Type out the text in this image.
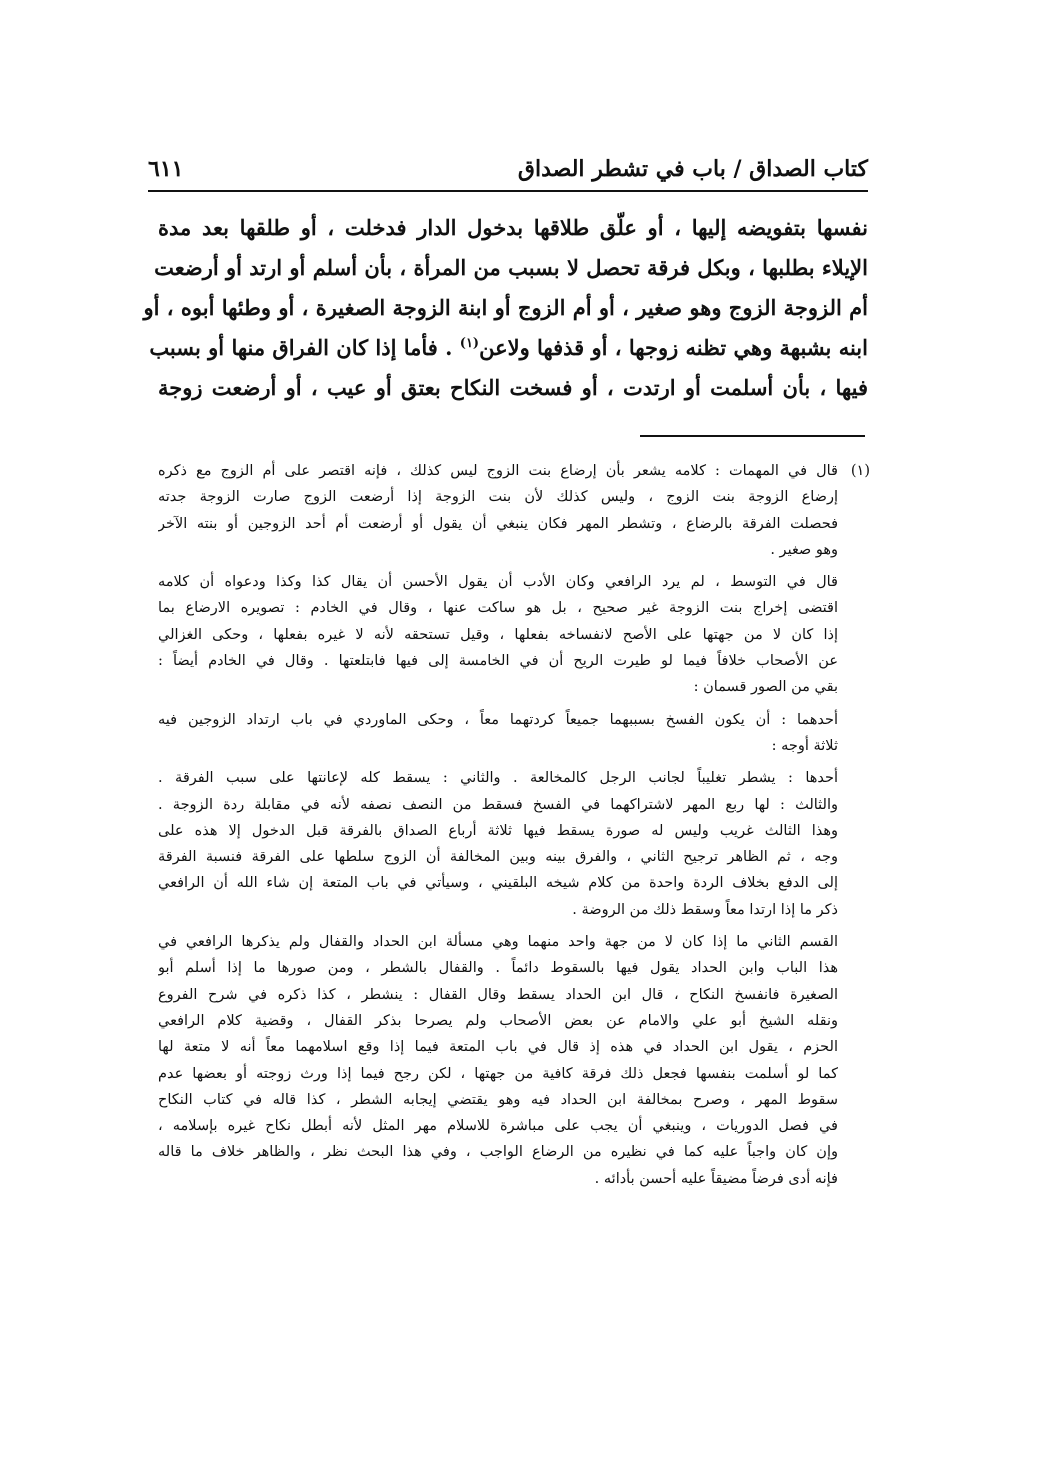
كتاب الصداق / باب في تشطر الصداق
٦١١
نفسها بتفويضه إليها ، أو علّق طلاقها بدخول الدار فدخلت ، أو طلقها بعد مدة
الإيلاء بطلبها ، وبكل فرقة تحصل لا بسبب من المرأة ، بأن أسلم أو ارتد أو أرضعت
أم الزوجة الزوج وهو صغير ، أو أم الزوج أو ابنة الزوجة الصغيرة ، أو وطئها أبوه ، أو
ابنه بشبهة وهي تظنه زوجها ، أو قذفها ولاعن$^{(١)}$ . فأما إذا كان الفراق منها أو بسبب
فيها ، بأن أسلمت أو ارتدت ، أو فسخت النكاح بعتق أو عيب ، أو أرضعت زوجة
(١)
قال في المهمات : كلامه يشعر بأن إرضاع بنت الزوج ليس كذلك ، فإنه اقتصر على أم الزوج مع ذكره
إرضاع الزوجة بنت الزوج ، وليس كذلك لأن بنت الزوجة إذا أرضعت الزوج صارت الزوجة جدته
فحصلت الفرقة بالرضاع ، وتشطر المهر فكان ينبغي أن يقول أو أرضعت أم أحد الزوجين أو بنته الآخر
وهو صغير .
قال في التوسط ، لم يرد الرافعي وكان الأدب أن يقول الأحسن أن يقال كذا وكذا ودعواه أن كلامه
اقتضى إخراج بنت الزوجة غير صحيح ، بل هو ساكت عنها ، وقال في الخادم : تصويره الارضاع بما
إذا كان لا من جهتها على الأصح لانفساخه بفعلها ، وقيل تستحقه لأنه لا غيره بفعلها ، وحكى الغزالي
عن الأصحاب خلافاً فيما لو طيرت الريح أن في الخامسة إلى فيها فابتلعتها . وقال في الخادم أيضاً :
بقي من الصور قسمان :
أحدهما : أن يكون الفسخ بسببهما جميعاً كردتهما معاً ، وحكى الماوردي في باب ارتداد الزوجين فيه
ثلاثة أوجه :
أحدها : يشطر تغليباً لجانب الرجل كالمخالعة . والثاني : يسقط كله لإعانتها على سبب الفرقة .
والثالث : لها ربع المهر لاشتراكهما في الفسخ فسقط من النصف نصفه لأنه في مقابلة ردة الزوجة .
وهذا الثالث غريب وليس له صورة يسقط فيها ثلاثة أرباع الصداق بالفرقة قبل الدخول إلا هذه على
وجه ، ثم الظاهر ترجيح الثاني ، والفرق بينه وبين المخالفة أن الزوج سلطها على الفرقة فنسبة الفرقة
إلى الدفع بخلاف الردة واحدة من كلام شيخه البلقيني ، وسيأتي في باب المتعة إن شاء الله أن الرافعي
ذكر ما إذا ارتدا معاً وسقط ذلك من الروضة .
القسم الثاني ما إذا كان لا من جهة واحد منهما وهي مسألة ابن الحداد والقفال ولم يذكرها الرافعي في
هذا الباب وابن الحداد يقول فيها بالسقوط دائماً . والقفال بالشطر ، ومن صورها ما إذا أسلم أبو
الصغيرة فانفسخ النكاح ، قال ابن الحداد يسقط وقال القفال : ينشطر ، كذا ذكره في شرح الفروع
ونقله الشيخ أبو علي والامام عن بعض الأصحاب ولم يصرحا بذكر القفال ، وقضية كلام الرافعي
الحزم ، يقول ابن الحداد في هذه إذ قال في باب المتعة فيما إذا وقع اسلامهما معاً أنه لا متعة لها
كما لو أسلمت بنفسها فجعل ذلك فرقة كافية من جهتها ، لكن رجح فيما إذا ورث زوجته أو بعضها عدم
سقوط المهر ، وصرح بمخالفة ابن الحداد فيه وهو يقتضي إيجابه الشطر ، كذا قاله في كتاب النكاح
في فصل الدوريات ، وينبغي أن يجب على مباشرة للاسلام مهر المثل لأنه أبطل نكاح غيره بإسلامه ،
وإن كان واجباً عليه كما في نظيره من الرضاع الواجب ، وفي هذا البحث نظر ، والظاهر خلاف ما قاله
فإنه أدى فرضاً مضيقاً عليه أحسن بأدائه .
